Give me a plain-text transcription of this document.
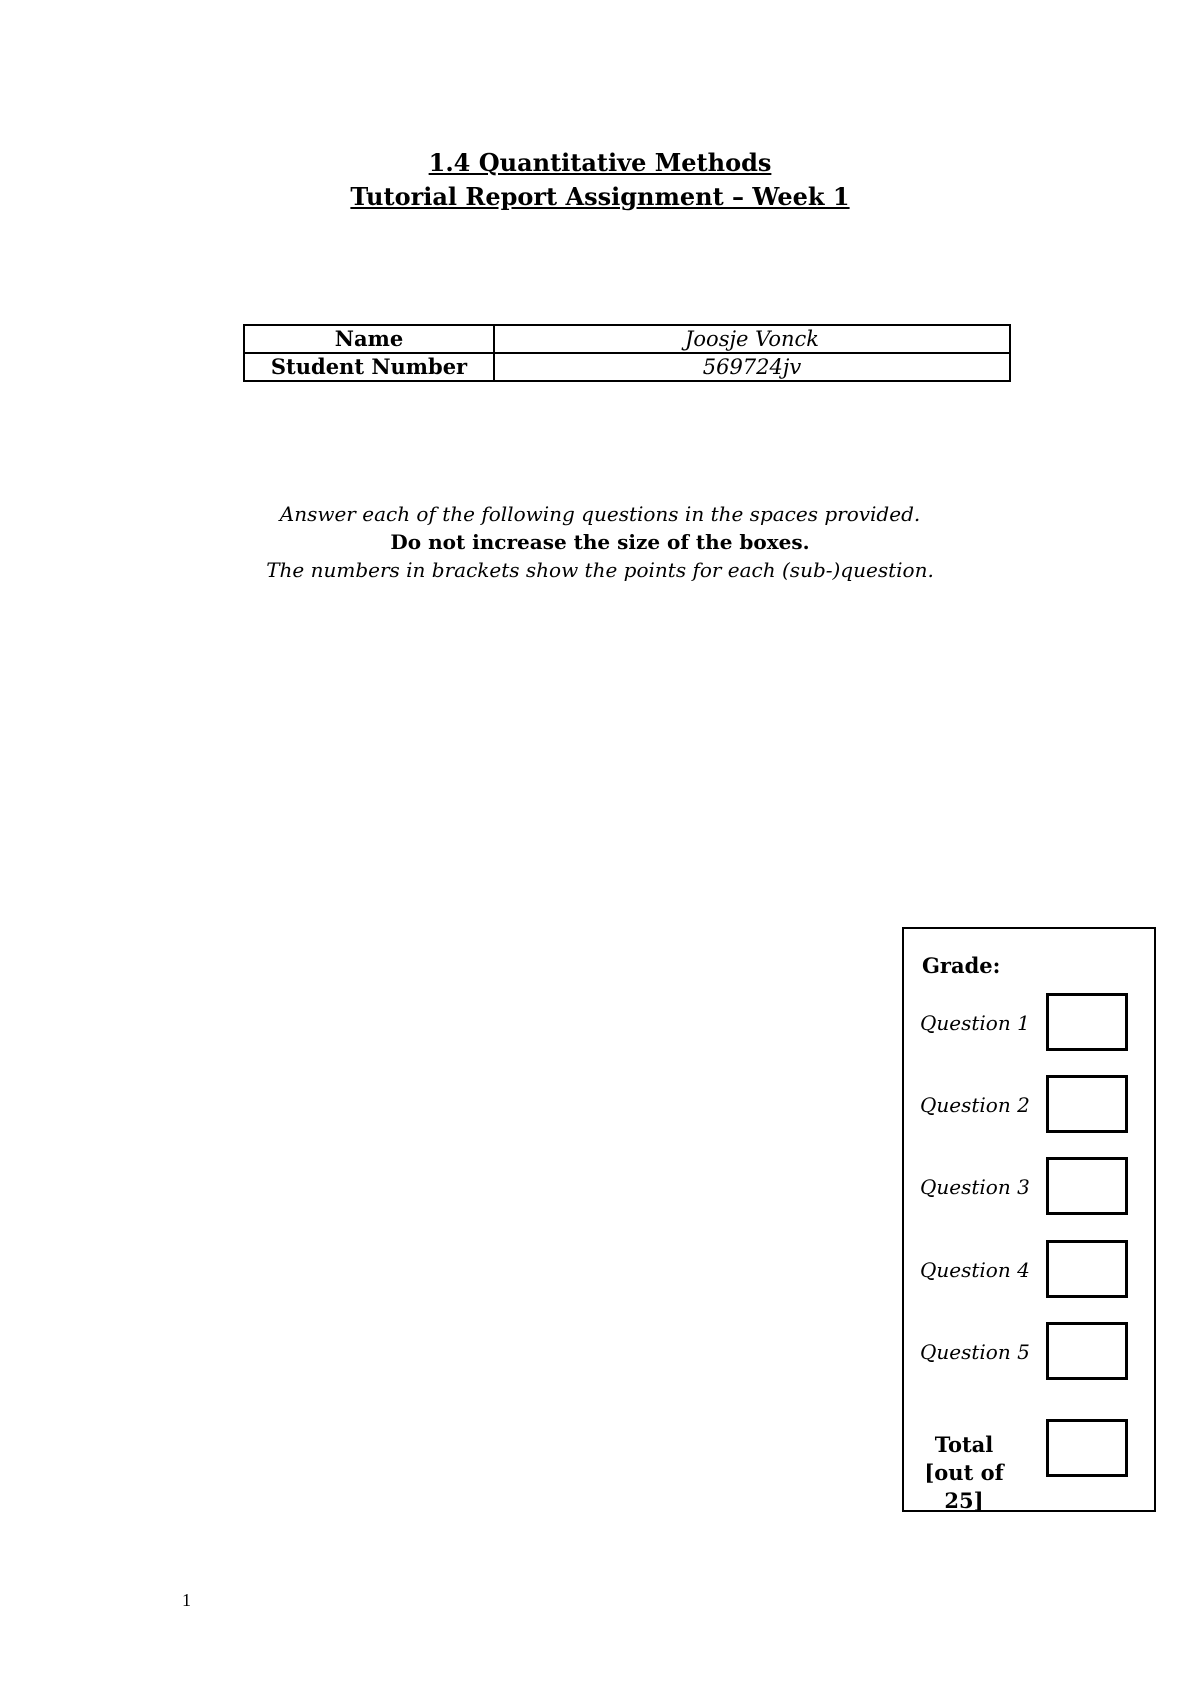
1.4 Quantitative Methods
Tutorial Report Assignment – Week 1
Name	Joosje Vonck
Student Number	569724jv
Answer each of the following questions in the spaces provided.
Do not increase the size of the boxes.
The numbers in brackets show the points for each (sub-)question.
Grade:
Question 1
Question 2
Question 3
Question 4
Question 5
Total
[out of 25]
1
